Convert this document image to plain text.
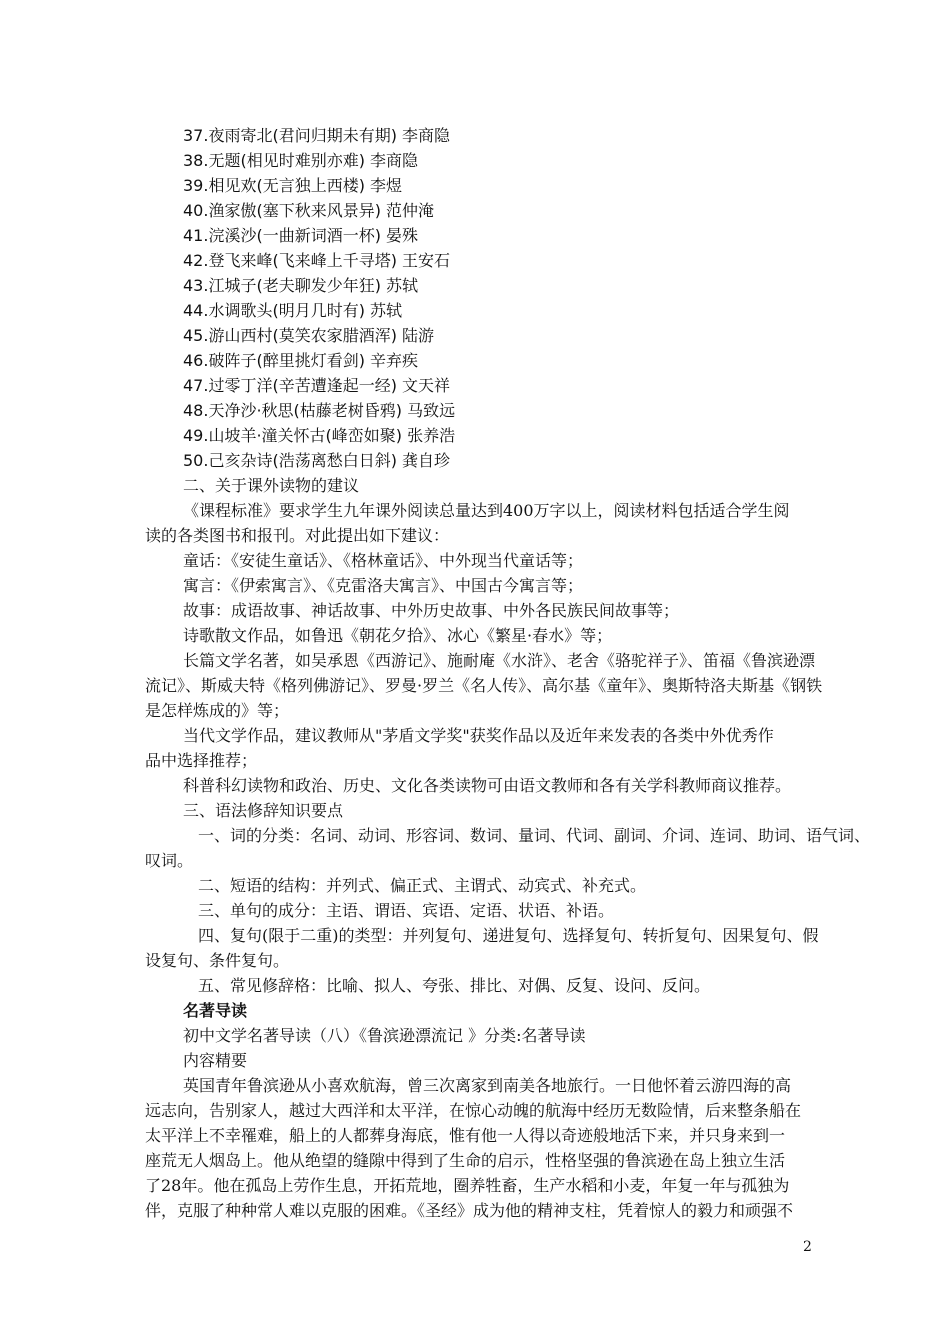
37.夜雨寄北(君问归期未有期) 李商隐
38.无题(相见时难别亦难) 李商隐
39.相见欢(无言独上西楼) 李煜
40.渔家傲(塞下秋来风景异) 范仲淹
41.浣溪沙(一曲新词酒一杯) 晏殊
42.登飞来峰(飞来峰上千寻塔) 王安石
43.江城子(老夫聊发少年狂) 苏轼
44.水调歌头(明月几时有) 苏轼
45.游山西村(莫笑农家腊酒浑) 陆游
46.破阵子(醉里挑灯看剑) 辛弃疾
47.过零丁洋(辛苦遭逢起一经) 文天祥
48.天净沙·秋思(枯藤老树昏鸦) 马致远
49.山坡羊·潼关怀古(峰峦如聚) 张养浩
50.己亥杂诗(浩荡离愁白日斜) 龚自珍
二、关于课外读物的建议
《课程标准》要求学生九年课外阅读总量达到400万字以上，阅读材料包括适合学生阅
读的各类图书和报刊。对此提出如下建议：
童话：《安徒生童话》、《格林童话》、中外现当代童话等；
寓言：《伊索寓言》、《克雷洛夫寓言》、中国古今寓言等；
故事：成语故事、神话故事、中外历史故事、中外各民族民间故事等；
诗歌散文作品，如鲁迅《朝花夕拾》、冰心《繁星·春水》等；
长篇文学名著，如吴承恩《西游记》、施耐庵《水浒》、老舍《骆驼祥子》、笛福《鲁滨逊漂
流记》、斯威夫特《格列佛游记》、罗曼·罗兰《名人传》、高尔基《童年》、奥斯特洛夫斯基《钢铁
是怎样炼成的》等；
当代文学作品，建议教师从"茅盾文学奖"获奖作品以及近年来发表的各类中外优秀作
品中选择推荐；
科普科幻读物和政治、历史、文化各类读物可由语文教师和各有关学科教师商议推荐。
三、语法修辞知识要点
一、词的分类：名词、动词、形容词、数词、量词、代词、副词、介词、连词、助词、语气词、
叹词。
二、短语的结构：并列式、偏正式、主谓式、动宾式、补充式。
三、单句的成分：主语、谓语、宾语、定语、状语、补语。
四、复句(限于二重)的类型：并列复句、递进复句、选择复句、转折复句、因果复句、假
设复句、条件复句。
五、常见修辞格：比喻、拟人、夸张、排比、对偶、反复、设问、反问。
名著导读
初中文学名著导读（八）《鲁滨逊漂流记 》分类:名著导读
内容精要
英国青年鲁滨逊从小喜欢航海，曾三次离家到南美各地旅行。一日他怀着云游四海的高
远志向，告别家人，越过大西洋和太平洋，在惊心动魄的航海中经历无数险情，后来整条船在
太平洋上不幸罹难，船上的人都葬身海底，惟有他一人得以奇迹般地活下来，并只身来到一
座荒无人烟岛上。他从绝望的缝隙中得到了生命的启示，性格坚强的鲁滨逊在岛上独立生活
了28年。他在孤岛上劳作生息，开拓荒地，圈养牲畜，生产水稻和小麦，年复一年与孤独为
伴，克服了种种常人难以克服的困难。《圣经》成为他的精神支柱，凭着惊人的毅力和顽强不
2
